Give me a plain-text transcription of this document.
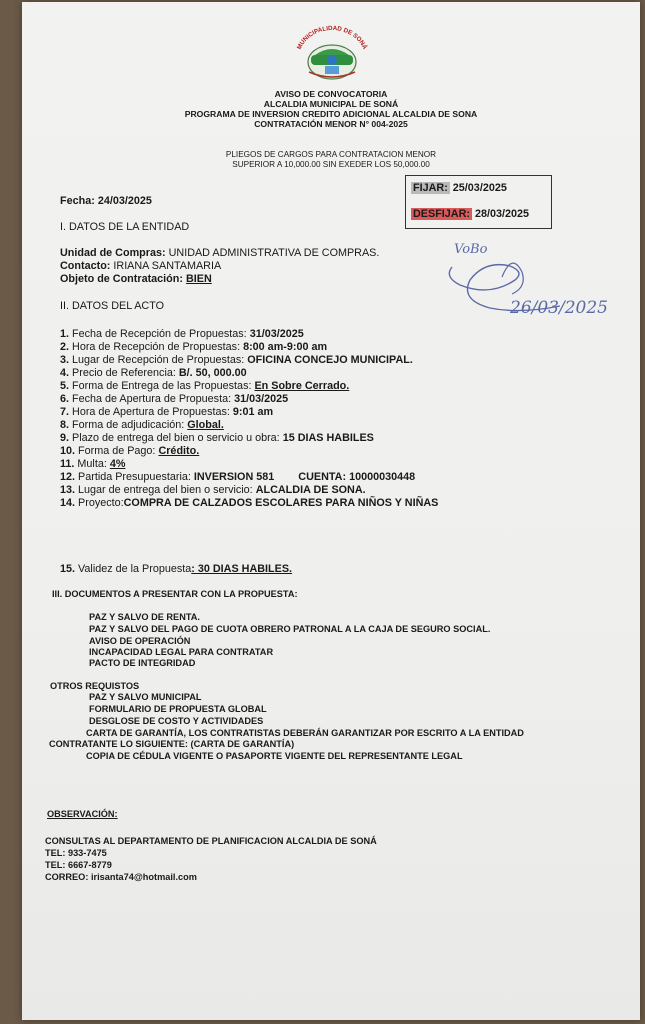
MUNICIPALIDAD DE SONÁ
AVISO DE CONVOCATORIA
ALCALDIA MUNICIPAL DE SONÁ
PROGRAMA DE INVERSION CREDITO ADICIONAL ALCALDIA DE SONA
CONTRATACIÓN MENOR N° 004-2025
PLIEGOS DE CARGOS PARA CONTRATACION MENOR
SUPERIOR A 10,000.00 SIN EXEDER LOS 50,000.00
Fecha: 24/03/2025
FIJAR: 25/03/2025
DESFIJAR: 28/03/2025
VoBo
26/03/2025
I. DATOS DE LA ENTIDAD
Unidad de Compras: UNIDAD ADMINISTRATIVA DE COMPRAS.
Contacto: IRIANA SANTAMARIA
Objeto de Contratación: BIEN
II. DATOS DEL ACTO
1. Fecha de Recepción de Propuestas: 31/03/2025
2. Hora de Recepción de Propuestas: 8:00 am-9:00 am
3. Lugar de Recepción de Propuestas: OFICINA CONCEJO MUNICIPAL.
4. Precio de Referencia: B/. 50, 000.00
5. Forma de Entrega de las Propuestas: En Sobre Cerrado.
6. Fecha de Apertura de Propuesta: 31/03/2025
7. Hora de Apertura de Propuestas: 9:01 am
8. Forma de adjudicación: Global.
9. Plazo de entrega del bien o servicio u obra: 15 DIAS HABILES
10. Forma de Pago: Crédito.
11. Multa: 4%
12. Partida Presupuestaria: INVERSION 581 CUENTA: 10000030448
13. Lugar de entrega del bien o servicio: ALCALDIA DE SONA.
14. Proyecto:COMPRA DE CALZADOS ESCOLARES PARA NIÑOS Y NIÑAS
15. Validez de la Propuesta: 30 DIAS HABILES.
III. DOCUMENTOS A PRESENTAR CON LA PROPUESTA:
PAZ Y SALVO DE RENTA.
PAZ Y SALVO DEL PAGO DE CUOTA OBRERO PATRONAL A LA CAJA DE SEGURO SOCIAL.
AVISO DE OPERACIÓN
INCAPACIDAD LEGAL PARA CONTRATAR
PACTO DE INTEGRIDAD
OTROS REQUISTOS
PAZ Y SALVO MUNICIPAL
FORMULARIO DE PROPUESTA GLOBAL
DESGLOSE DE COSTO Y ACTIVIDADES
CARTA DE GARANTÍA, LOS CONTRATISTAS DEBERÁN GARANTIZAR POR ESCRITO A LA ENTIDAD
CONTRATANTE LO SIGUIENTE: (CARTA DE GARANTÍA)
COPIA DE CÉDULA VIGENTE O PASAPORTE VIGENTE DEL REPRESENTANTE LEGAL
OBSERVACIÓN:
CONSULTAS AL DEPARTAMENTO DE PLANIFICACION ALCALDIA DE SONÁ
TEL: 933-7475
TEL: 6667-8779
CORREO: irisanta74@hotmail.com
